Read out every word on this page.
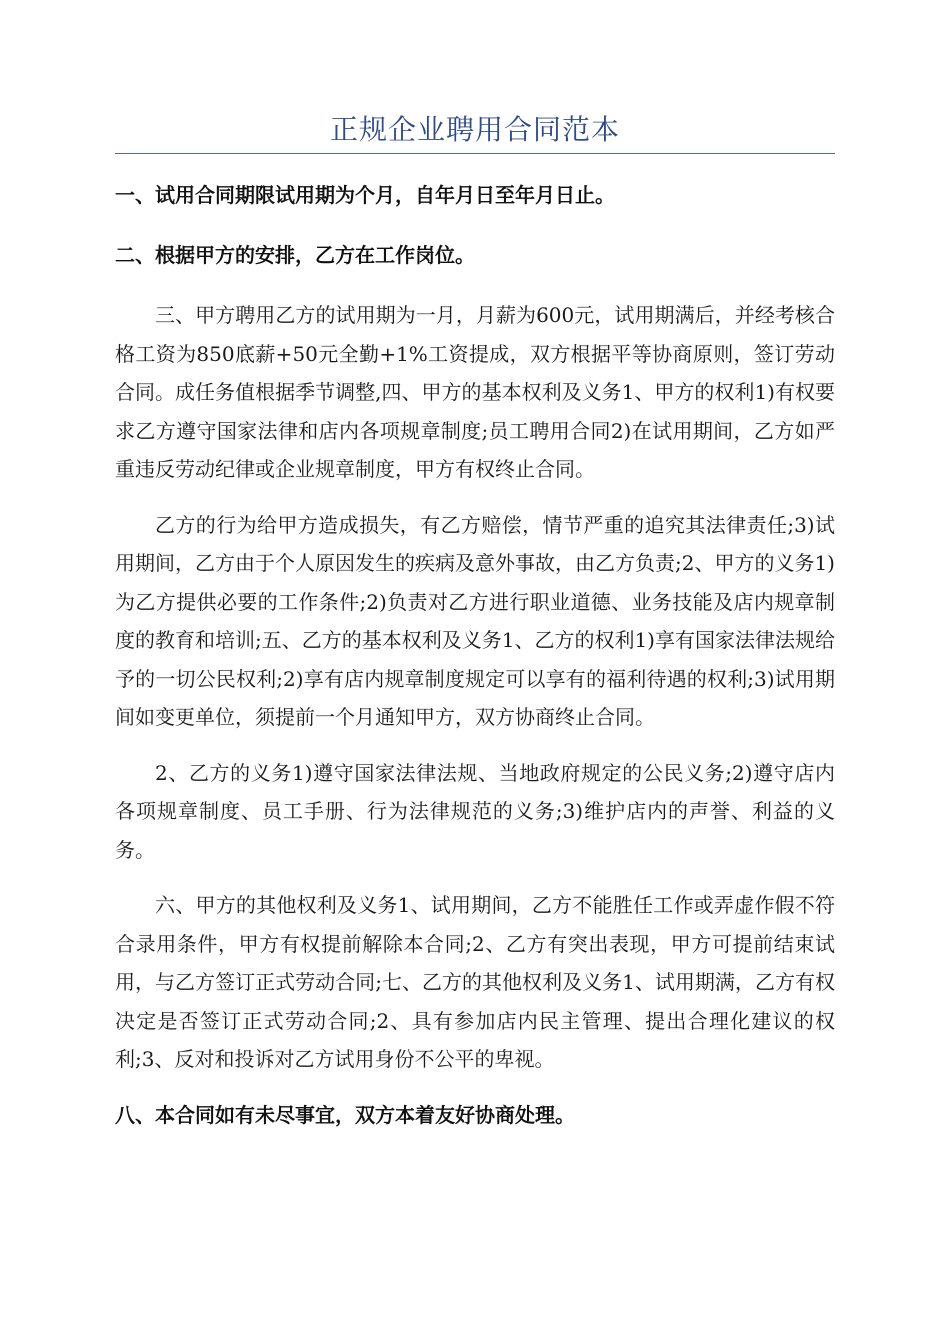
正规企业聘用合同范本

一、试用合同期限试用期为个月，自年月日至年月日止。

二、根据甲方的安排，乙方在工作岗位。

三、甲方聘用乙方的试用期为一月，月薪为600元，试用期满后，并经考核合格工资为850底薪+50元全勤+1%工资提成，双方根据平等协商原则，签订劳动合同。成任务值根据季节调整,四、甲方的基本权利及义务1、甲方的权利1)有权要求乙方遵守国家法律和店内各项规章制度;员工聘用合同2)在试用期间，乙方如严重违反劳动纪律或企业规章制度，甲方有权终止合同。

乙方的行为给甲方造成损失，有乙方赔偿，情节严重的追究其法律责任;3)试用期间，乙方由于个人原因发生的疾病及意外事故，由乙方负责;2、甲方的义务1)为乙方提供必要的工作条件;2)负责对乙方进行职业道德、业务技能及店内规章制度的教育和培训;五、乙方的基本权利及义务1、乙方的权利1)享有国家法律法规给予的一切公民权利;2)享有店内规章制度规定可以享有的福利待遇的权利;3)试用期间如变更单位，须提前一个月通知甲方，双方协商终止合同。

2、乙方的义务1)遵守国家法律法规、当地政府规定的公民义务;2)遵守店内各项规章制度、员工手册、行为法律规范的义务;3)维护店内的声誉、利益的义务。

六、甲方的其他权利及义务1、试用期间，乙方不能胜任工作或弄虚作假不符合录用条件，甲方有权提前解除本合同;2、乙方有突出表现，甲方可提前结束试用，与乙方签订正式劳动合同;七、乙方的其他权利及义务1、试用期满，乙方有权决定是否签订正式劳动合同;2、具有参加店内民主管理、提出合理化建议的权利;3、反对和投诉对乙方试用身份不公平的卑视。

八、本合同如有未尽事宜，双方本着友好协商处理。
